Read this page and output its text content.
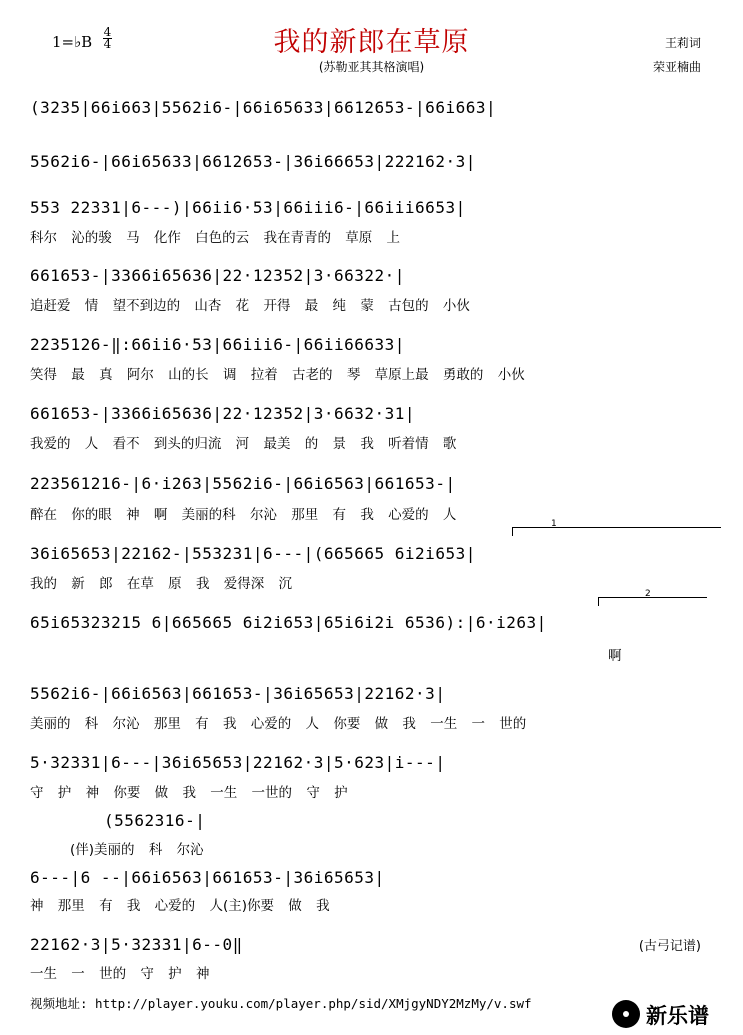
我的新郎在草原
(苏勒亚其其格演唱)
1=♭B
4
4	王莉词
荣亚楠曲
(3235|66i663|5562i6-|66i65633|6612653-|66i663|
5562i6-|66i65633|6612653-|36i66653|222162·3|
553 22331|6---)|66ii6·53|66iii6-|66iii6653|
科尔 沁的骏 马 化作 白色的云 我在青青的 草原 上
661653-|3366i65636|22·12352|3·66322·|
追赶爱 情 望不到边的 山杏 花 开得 最 纯 蒙 古包的 小伙
2235126-‖:66ii6·53|66iii6-|66ii66633|
笑得 最 真 阿尔 山的长 调 拉着 古老的 琴 草原上最 勇敢的 小伙
661653-|3366i65636|22·12352|3·6632·31|
我爱的 人 看不 到头的归流 河 最美 的 景 我 听着情 歌
223561216-|6·i263|5562i6-|66i6563|661653-|
醉在 你的眼 神 啊 美丽的科 尔沁 那里 有 我 心爱的 人
1
36i65653|22162-|553231|6---|(665665 6i2i653|
我的 新 郎 在草 原 我 爱得深 沉
2
65i65323215 6|665665 6i2i653|65i6i2i 6536):|6·i263|
啊
5562i6-|66i6563|661653-|36i65653|22162·3|
美丽的 科 尔沁 那里 有 我 心爱的 人 你要 做 我 一生 一 世的
5·32331|6---|36i65653|22162·3|5·623|i---|
守 护 神 你要 做 我 一生 一世的 守 护
(5562316-|
(伴)美丽的 科 尔沁
6---|6 --|66i6563|661653-|36i65653|
神 那里 有 我 心爱的 人(主)你要 做 我
22162·3|5·32331|6--0‖
一生 一 世的 守 护 神
(古弓记谱)
视频地址: http://player.youku.com/player.php/sid/XMjgyNDY2MzMy/v.swf
新乐谱
